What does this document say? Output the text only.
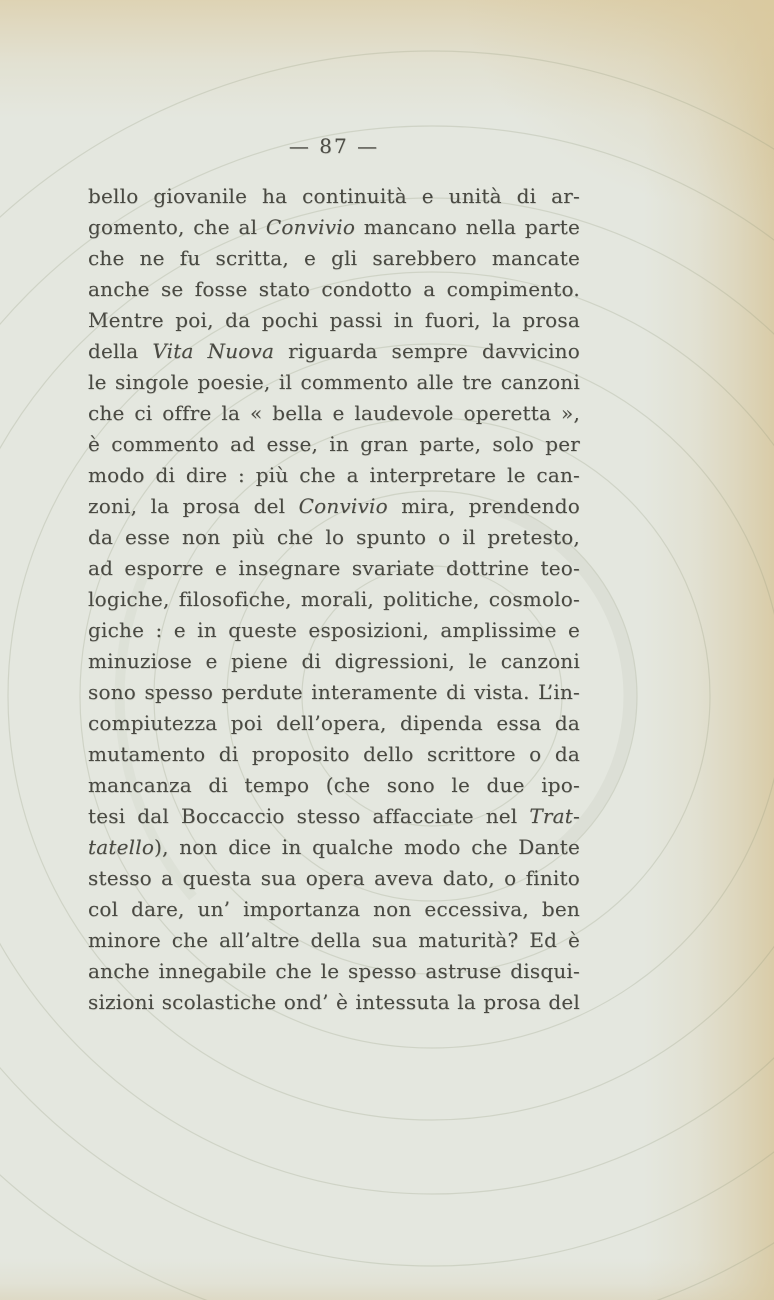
— 87 —
bello giovanile ha continuità e unità di ar-
gomento, che al Convivio mancano nella parte
che ne fu scritta, e gli sarebbero mancate
anche se fosse stato condotto a compimento.
Mentre poi, da pochi passi in fuori, la prosa
della Vita Nuova riguarda sempre davvicino
le singole poesie, il commento alle tre canzoni
che ci offre la « bella e laudevole operetta »,
è commento ad esse, in gran parte, solo per
modo di dire : più che a interpretare le can-
zoni, la prosa del Convivio mira, prendendo
da esse non più che lo spunto o il pretesto,
ad esporre e insegnare svariate dottrine teo-
logiche, filosofiche, morali, politiche, cosmolo-
giche : e in queste esposizioni, amplissime e
minuziose e piene di digressioni, le canzoni
sono spesso perdute interamente di vista. L’in-
compiutezza poi dell’opera, dipenda essa da
mutamento di proposito dello scrittore o da
mancanza di tempo (che sono le due ipo-
tesi dal Boccaccio stesso affacciate nel Trat-
tatello), non dice in qualche modo che Dante
stesso a questa sua opera aveva dato, o finito
col dare, un’ importanza non eccessiva, ben
minore che all’altre della sua maturità? Ed è
anche innegabile che le spesso astruse disqui-
sizioni scolastiche ond’ è intessuta la prosa del
